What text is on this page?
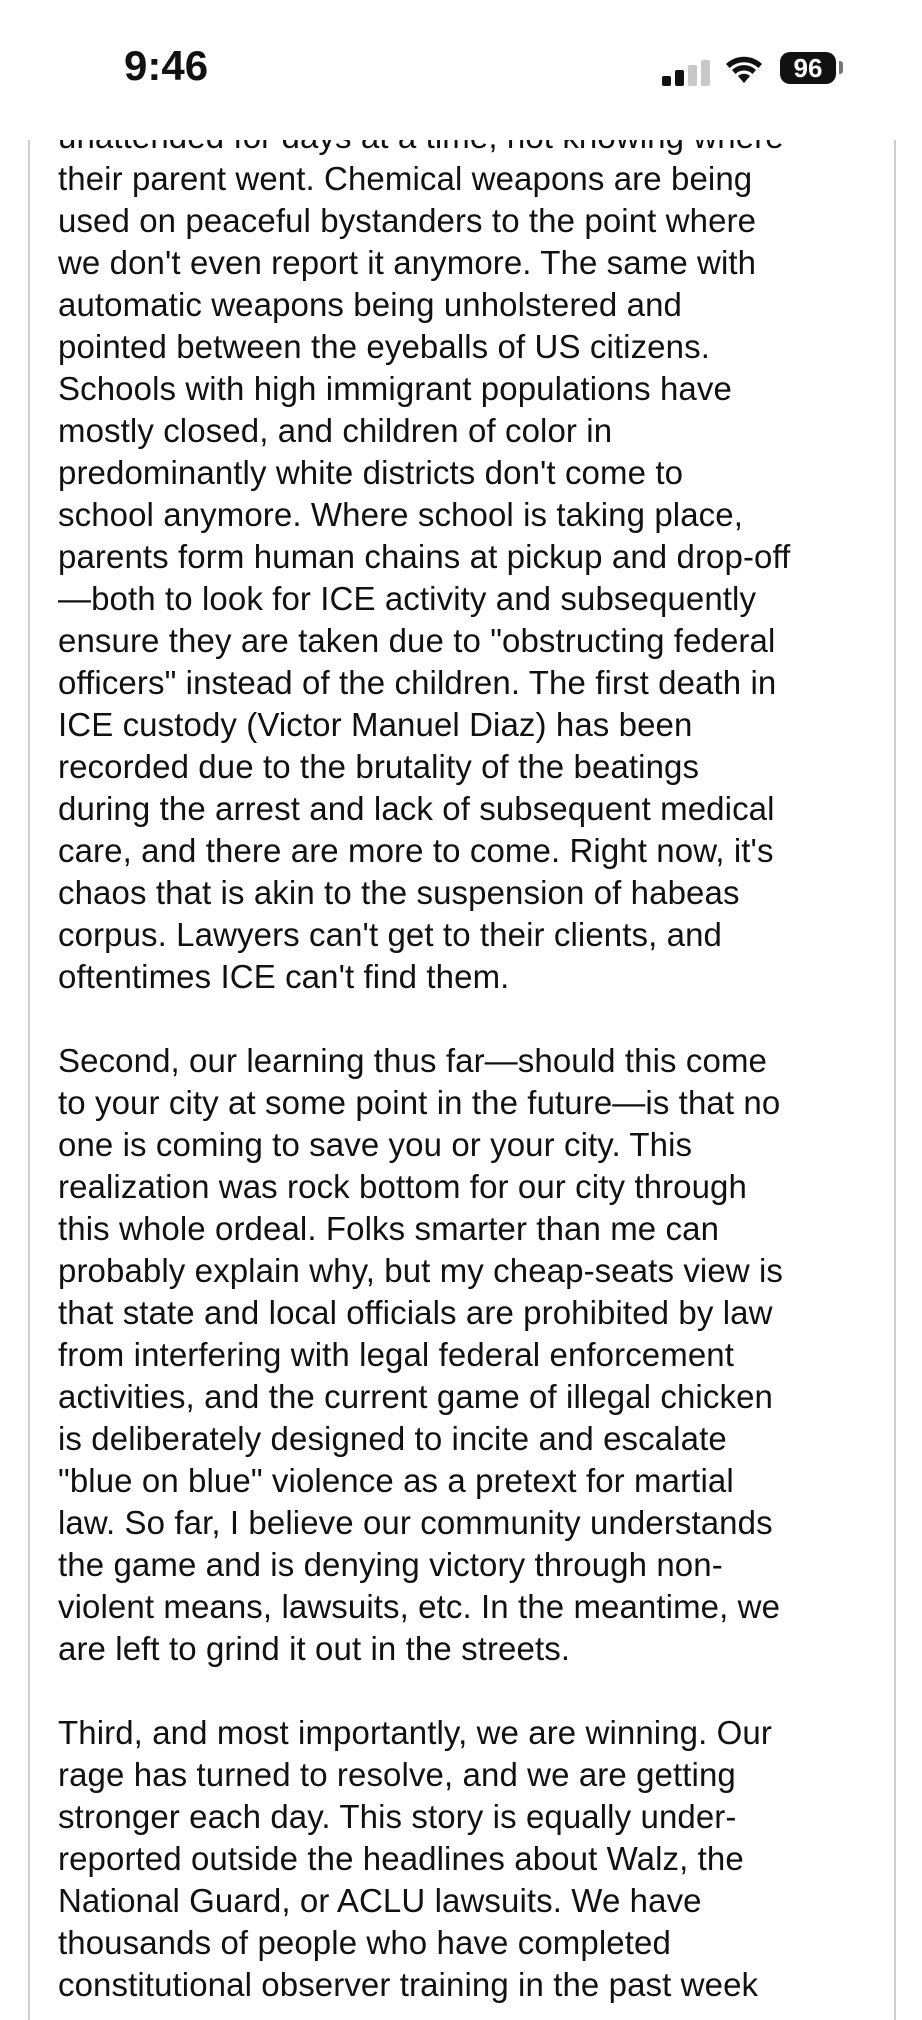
9:46	96

their parent went. Chemical weapons are being
used on peaceful bystanders to the point where
we don't even report it anymore. The same with
automatic weapons being unholstered and
pointed between the eyeballs of US citizens.
Schools with high immigrant populations have
mostly closed, and children of color in
predominantly white districts don't come to
school anymore. Where school is taking place,
parents form human chains at pickup and drop-off
—both to look for ICE activity and subsequently
ensure they are taken due to "obstructing federal
officers" instead of the children. The first death in
ICE custody (Victor Manuel Diaz) has been
recorded due to the brutality of the beatings
during the arrest and lack of subsequent medical
care, and there are more to come. Right now, it's
chaos that is akin to the suspension of habeas
corpus. Lawyers can't get to their clients, and
oftentimes ICE can't find them.

Second, our learning thus far—should this come
to your city at some point in the future—is that no
one is coming to save you or your city. This
realization was rock bottom for our city through
this whole ordeal. Folks smarter than me can
probably explain why, but my cheap-seats view is
that state and local officials are prohibited by law
from interfering with legal federal enforcement
activities, and the current game of illegal chicken
is deliberately designed to incite and escalate
"blue on blue" violence as a pretext for martial
law. So far, I believe our community understands
the game and is denying victory through non-
violent means, lawsuits, etc. In the meantime, we
are left to grind it out in the streets.

Third, and most importantly, we are winning. Our
rage has turned to resolve, and we are getting
stronger each day. This story is equally under-
reported outside the headlines about Walz, the
National Guard, or ACLU lawsuits. We have
thousands of people who have completed
constitutional observer training in the past week
